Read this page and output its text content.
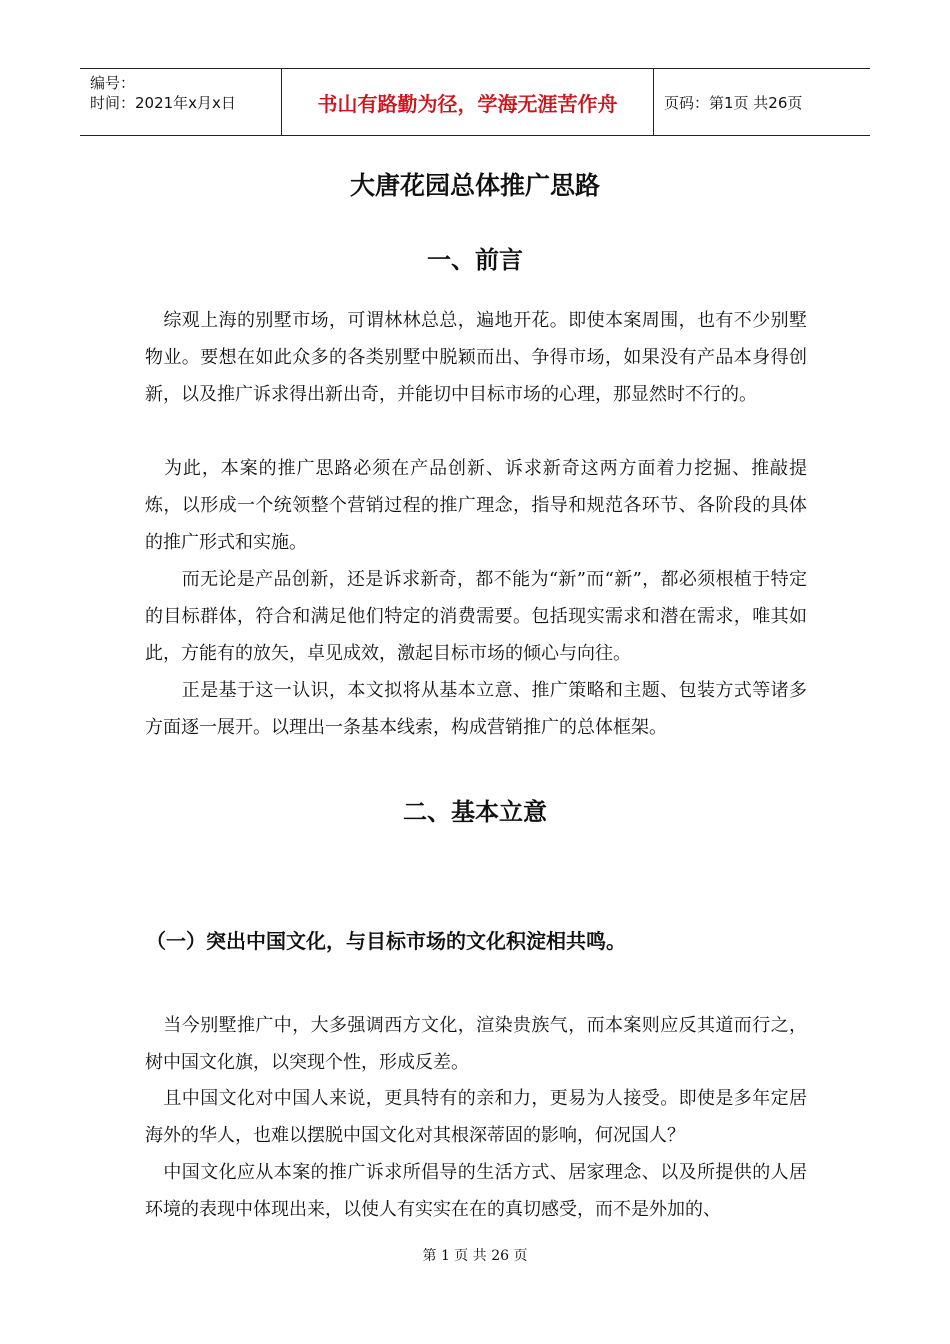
编号：
时间：2021年x月x日	书山有路勤为径，学海无涯苦作舟	页码：第1页 共26页
大唐花园总体推广思路
一、前言

　综观上海的别墅市场，可谓林林总总，遍地开花。即使本案周围，也有不少别墅物业。要想在如此众多的各类别墅中脱颖而出、争得市场，如果没有产品本身得创新，以及推广诉求得出新出奇，并能切中目标市场的心理，那显然时不行的。

　为此，本案的推广思路必须在产品创新、诉求新奇这两方面着力挖掘、推敲提炼，以形成一个统领整个营销过程的推广理念，指导和规范各环节、各阶段的具体的推广形式和实施。

　　而无论是产品创新，还是诉求新奇，都不能为“新”而“新”，都必须根植于特定的目标群体，符合和满足他们特定的消费需要。包括现实需求和潜在需求，唯其如此，方能有的放矢，卓见成效，激起目标市场的倾心与向往。

　　正是基于这一认识，本文拟将从基本立意、推广策略和主题、包装方式等诸多方面逐一展开。以理出一条基本线索，构成营销推广的总体框架。

二、基本立意
（一）突出中国文化，与目标市场的文化积淀相共鸣。

　当今别墅推广中，大多强调西方文化，渲染贵族气，而本案则应反其道而行之，树中国文化旗，以突现个性，形成反差。

　且中国文化对中国人来说，更具特有的亲和力，更易为人接受。即使是多年定居海外的华人，也难以摆脱中国文化对其根深蒂固的影响，何况国人？

　中国文化应从本案的推广诉求所倡导的生活方式、居家理念、以及所提供的人居环境的表现中体现出来，以使人有实实在在的真切感受，而不是外加的、

第 1 页 共 26 页
